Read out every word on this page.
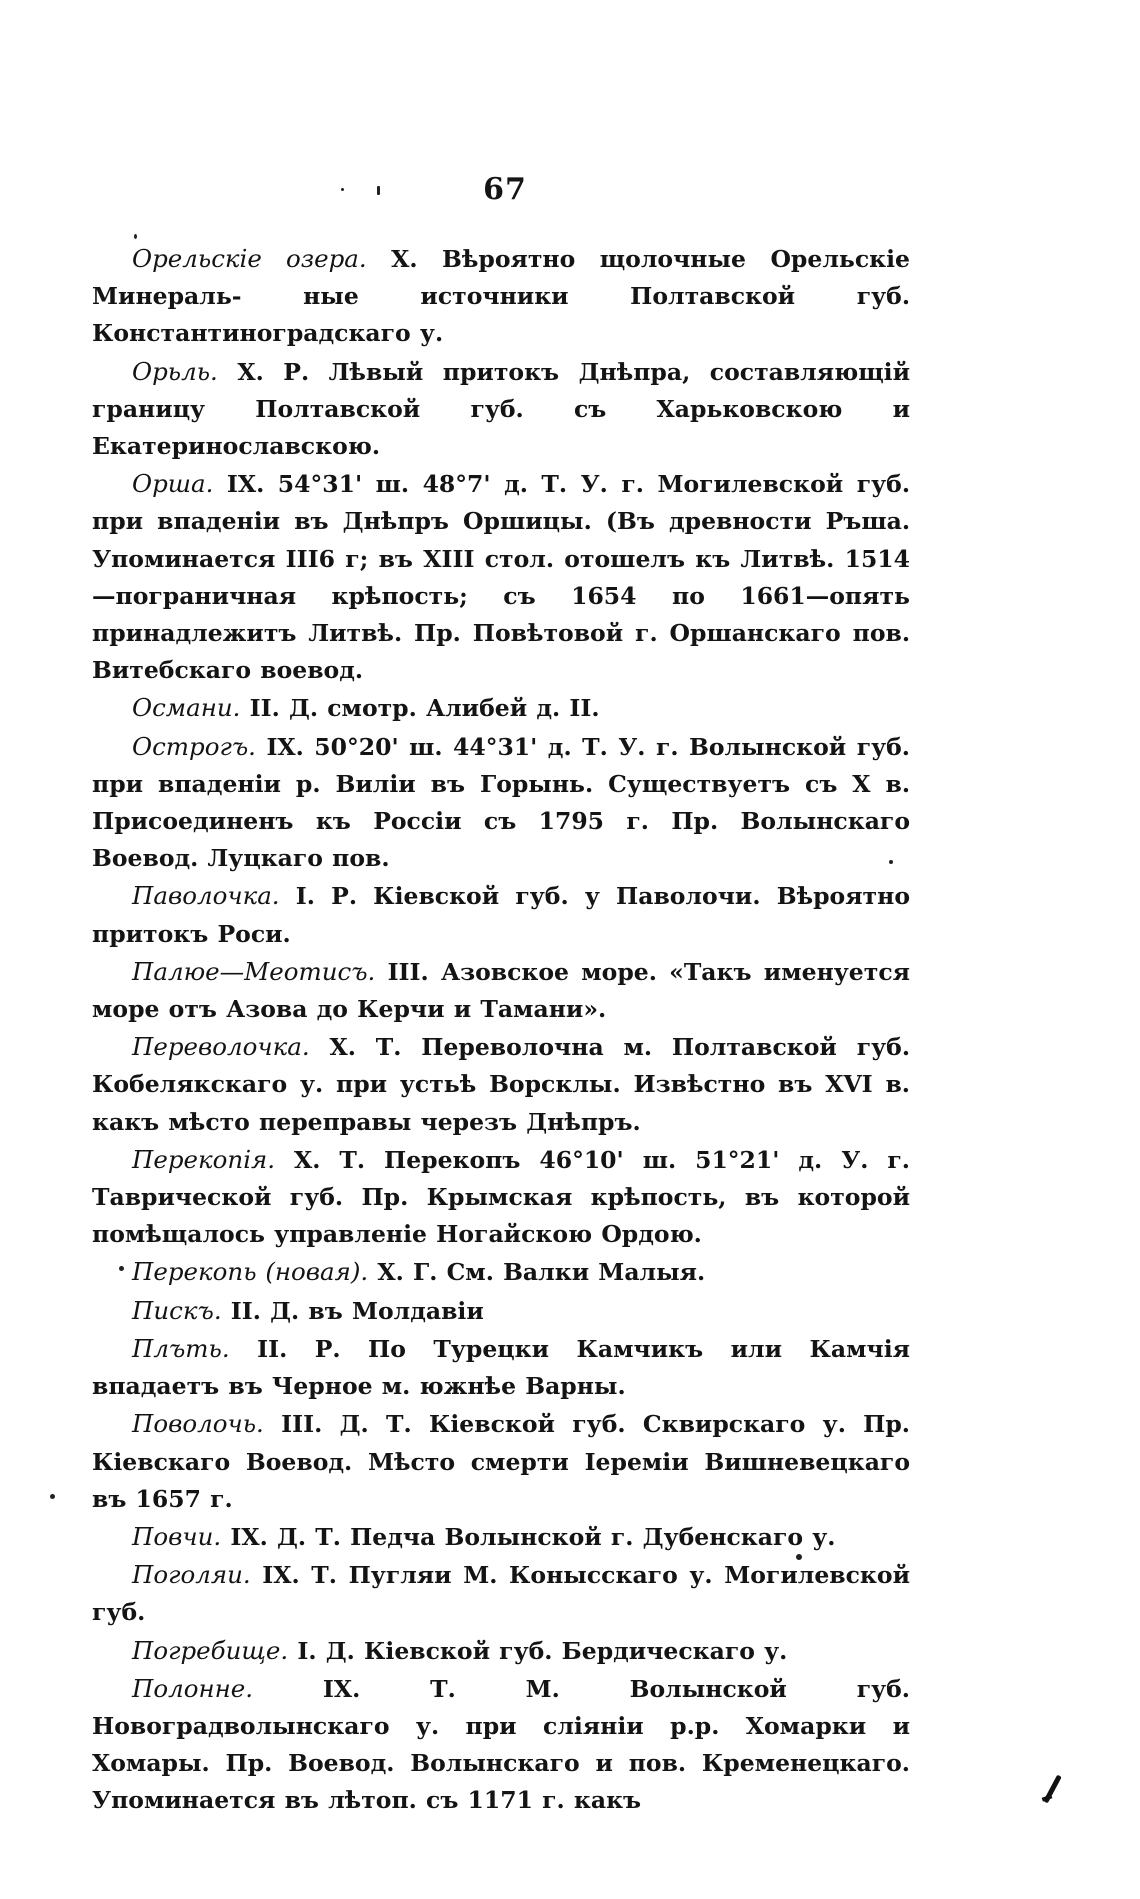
67

Орельскіе озера. X. Вѣроятно щолочные Орельскіе Минераль- ные источники Полтавской губ. Константиноградскаго у.

Орьль. X. Р. Лѣвый притокъ Днѣпра, составляющій границу Полтавской губ. съ Харьковскою и Екатеринославскою.

Орша. IX. 54°31' ш. 48°7' д. Т. У. г. Могилевской губ. при впаденіи въ Днѣпръ Оршицы. (Въ древности Ръша. Упоминается III6 г; въ XIII стол. отошелъ къ Литвѣ. 1514—пограничная крѣпость; съ 1654 по 1661—опять принадлежитъ Литвѣ. Пр. Повѣтовой г. Оршанскаго пов. Витебскаго воевод.

Османи. II. Д. смотр. Алибей д. II.

Острогъ. IX. 50°20' ш. 44°31' д. Т. У. г. Волынской губ. при впаденіи р. Виліи въ Горынь. Существуетъ съ X в. Присоединенъ къ Россіи съ 1795 г. Пр. Волынскаго Воевод. Луцкаго пов.

Паволочка. I. Р. Кіевской губ. у Паволочи. Вѣроятно притокъ Роси.

Палюе—Меотисъ. III. Азовское море. «Такъ именуется море отъ Азова до Керчи и Тамани».

Переволочка. X. Т. Переволочна м. Полтавской губ. Кобелякскаго у. при устьѣ Ворсклы. Извѣстно въ XVI в. какъ мѣсто переправы черезъ Днѣпръ.

Перекопія. X. Т. Перекопъ 46°10' ш. 51°21' д. У. г. Таврической губ. Пр. Крымская крѣпость, въ которой помѣщалось управленіе Ногайскою Ордою.

Перекопь (новая). X. Г. См. Валки Малыя.

Пискъ. II. Д. въ Молдавіи

Плъть. II. Р. По Турецки Камчикъ или Камчія впадаетъ въ Черное м. южнѣе Варны.

Поволочь. III. Д. Т. Кіевской губ. Сквирскаго у. Пр. Кіевскаго Воевод. Мѣсто смерти Іереміи Вишневецкаго въ 1657 г.

Повчи. IX. Д. Т. Педча Волынской г. Дубенскаго у.

Поголяи. IX. Т. Пугляи М. Конысскаго у. Могилевской губ.

Погребище. I. Д. Кіевской губ. Бердическаго у.

Полонне. IX. Т. М. Волынской губ. Новоградволынскаго у. при сліяніи р.р. Хомарки и Хомары. Пр. Воевод. Волынскаго и пов. Кременецкаго. Упоминается въ лѣтоп. съ 1171 г. какъ
